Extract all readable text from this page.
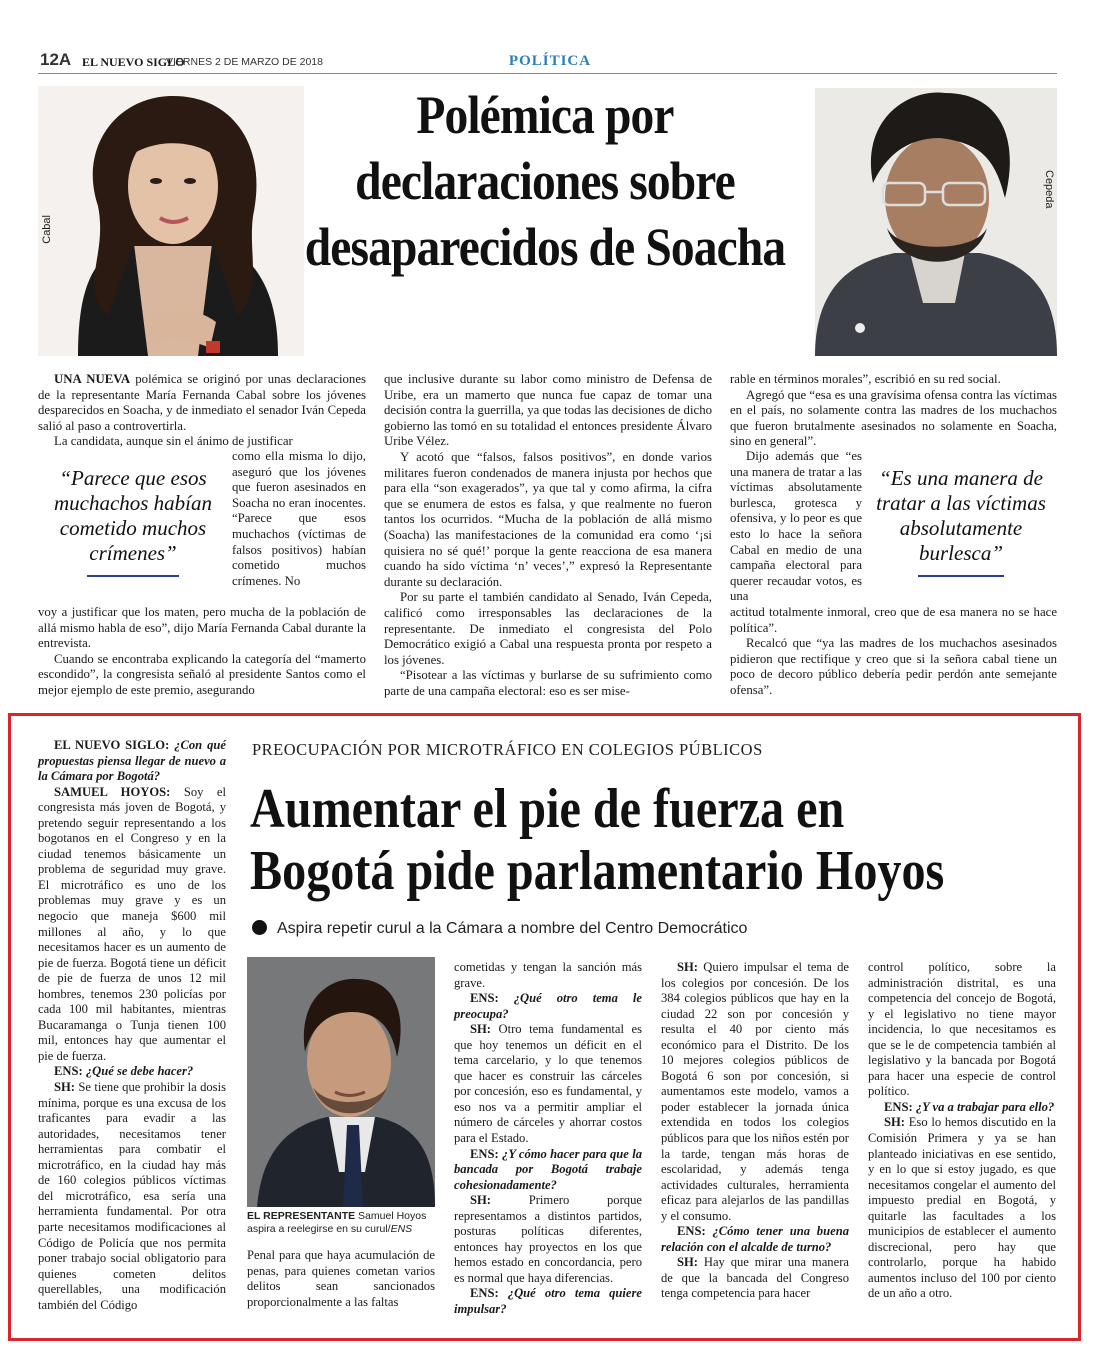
12A EL NUEVO SIGLO
VIERNES 2 DE MARZO DE 2018	POLÍTICA
Cabal
Cepeda
Polémica por
declaraciones sobre
desaparecidos de Soacha

UNA NUEVA polémica se originó por unas declaraciones de la representante María Fernanda Cabal sobre los jóvenes desparecidos en Soacha, y de inmediato el senador Iván Cepeda salió al paso a controvertirla.

La candidata, aunque sin el ánimo de justificar

como ella misma lo dijo, aseguró que los jóvenes que fueron asesinados en Soacha no eran inocentes. “Parece que esos muchachos (víctimas de falsos positivos) habían cometido muchos crímenes. No

voy a justificar que los maten, pero mucha de la población de allá mismo habla de eso”, dijo María Fernanda Cabal durante la entrevista.

Cuando se encontraba explicando la categoría del “mamerto escondido”, la congresista señaló al presidente Santos como el mejor ejemplo de este premio, asegurando

“Parece que esos muchachos habían cometido muchos crímenes”

que inclusive durante su labor como ministro de Defensa de Uribe, era un mamerto que nunca fue capaz de tomar una decisión contra la guerrilla, ya que todas las decisiones de dicho gobierno las tomó en su totalidad el entonces presidente Álvaro Uribe Vélez.

Y acotó que “falsos, falsos positivos”, en donde varios militares fueron condenados de manera injusta por hechos que para ella “son exagerados”, ya que tal y como afirma, la cifra que se enumera de estos es falsa, y que realmente no fueron tantos los ocurridos. “Mucha de la población de allá mismo (Soacha) las manifestaciones de la comunidad era como ‘¡si quisiera no sé qué!’ porque la gente reacciona de esa manera cuando ha sido víctima ‘n’ veces’,” expresó la Representante durante su declaración.

Por su parte el también candidato al Senado, Iván Cepeda, calificó como irresponsables las declaraciones de la representante. De inmediato el congresista del Polo Democrático exigió a Cabal una respuesta pronta por respeto a los jóvenes.

“Pisotear a las víctimas y burlarse de su sufrimiento como parte de una campaña electoral: eso es ser mise-

rable en términos morales”, escribió en su red social.

Agregó que “esa es una gravísima ofensa contra las víctimas en el país, no solamente contra las madres de los muchachos que fueron brutalmente asesinados no solamente en Soacha, sino en general”.

Dijo además que “es una manera de tratar a las víctimas absolutamente burlesca, grotesca y ofensiva, y lo peor es que esto lo hace la señora Cabal en medio de una campaña electoral para querer recaudar votos, es una

actitud totalmente inmoral, creo que de esa manera no se hace política”.

Recalcó que “ya las madres de los muchachos asesinados pidieron que rectifique y creo que si la señora cabal tiene un poco de decoro público debería pedir perdón ante semejante ofensa”.

“Es una manera de tratar a las víctimas absolutamente burlesca”
PREOCUPACIÓN POR MICROTRÁFICO EN COLEGIOS PÚBLICOS
Aumentar el pie de fuerza en
Bogotá pide parlamentario Hoyos
Aspira repetir curul a la Cámara a nombre del Centro Democrático

EL NUEVO SIGLO: ¿Con qué propuestas piensa llegar de nuevo a la Cámara por Bogotá?

SAMUEL HOYOS: Soy el congresista más joven de Bogotá, y pretendo seguir representando a los bogotanos en el Congreso y en la ciudad tenemos básicamente un problema de seguridad muy grave. El microtráfico es uno de los problemas muy grave y es un negocio que maneja $600 mil millones al año, y lo que necesitamos hacer es un aumento de pie de fuerza. Bogotá tiene un déficit de pie de fuerza de unos 12 mil hombres, tenemos 230 policías por cada 100 mil habitantes, mientras Bucaramanga o Tunja tienen 100 mil, entonces hay que aumentar el pie de fuerza.

ENS: ¿Qué se debe hacer?

SH: Se tiene que prohibir la dosis mínima, porque es una excusa de los traficantes para evadir a las autoridades, necesitamos tener herramientas para combatir el microtráfico, en la ciudad hay más de 160 colegios públicos víctimas del microtráfico, esa sería una herramienta fundamental. Por otra parte necesitamos modificaciones al Código de Policía que nos permita poner trabajo social obligatorio para quienes cometen delitos querellables, una modificación también del Código

EL REPRESENTANTE Samuel Hoyos aspira a reelegirse en su curul/ENS

Penal para que haya acumulación de penas, para quienes cometan varios delitos sean sancionados proporcionalmente a las faltas

cometidas y tengan la sanción más grave.

ENS: ¿Qué otro tema le preocupa?

SH: Otro tema fundamental es que hoy tenemos un déficit en el tema carcelario, y lo que tenemos que hacer es construir las cárceles por concesión, eso es fundamental, y eso nos va a permitir ampliar el número de cárceles y ahorrar costos para el Estado.

ENS: ¿Y cómo hacer para que la bancada por Bogotá trabaje cohesionadamente?

SH: Primero porque representamos a distintos partidos, posturas políticas diferentes, entonces hay proyectos en los que hemos estado en concordancia, pero es normal que haya diferencias.

ENS: ¿Qué otro tema quiere impulsar?

SH: Quiero impulsar el tema de los colegios por concesión. De los 384 colegios públicos que hay en la ciudad 22 son por concesión y resulta el 40 por ciento más económico para el Distrito. De los 10 mejores colegios públicos de Bogotá 6 son por concesión, si aumentamos este modelo, vamos a poder establecer la jornada única extendida en todos los colegios públicos para que los niños estén por la tarde, tengan más horas de escolaridad, y además tenga actividades culturales, herramienta eficaz para alejarlos de las pandillas y el consumo.

ENS: ¿Cómo tener una buena relación con el alcalde de turno?

SH: Hay que mirar una manera de que la bancada del Congreso tenga competencia para hacer

control político, sobre la administración distrital, es una competencia del concejo de Bogotá, y el legislativo no tiene mayor incidencia, lo que necesitamos es que se le de competencia también al legislativo y la bancada por Bogotá para hacer una especie de control político.

ENS: ¿Y va a trabajar para ello?

SH: Eso lo hemos discutido en la Comisión Primera y ya se han planteado iniciativas en ese sentido, y en lo que si estoy jugado, es que necesitamos congelar el aumento del impuesto predial en Bogotá, y quitarle las facultades a los municipios de establecer el aumento discrecional, pero hay que controlarlo, porque ha habido aumentos incluso del 100 por ciento de un año a otro.
